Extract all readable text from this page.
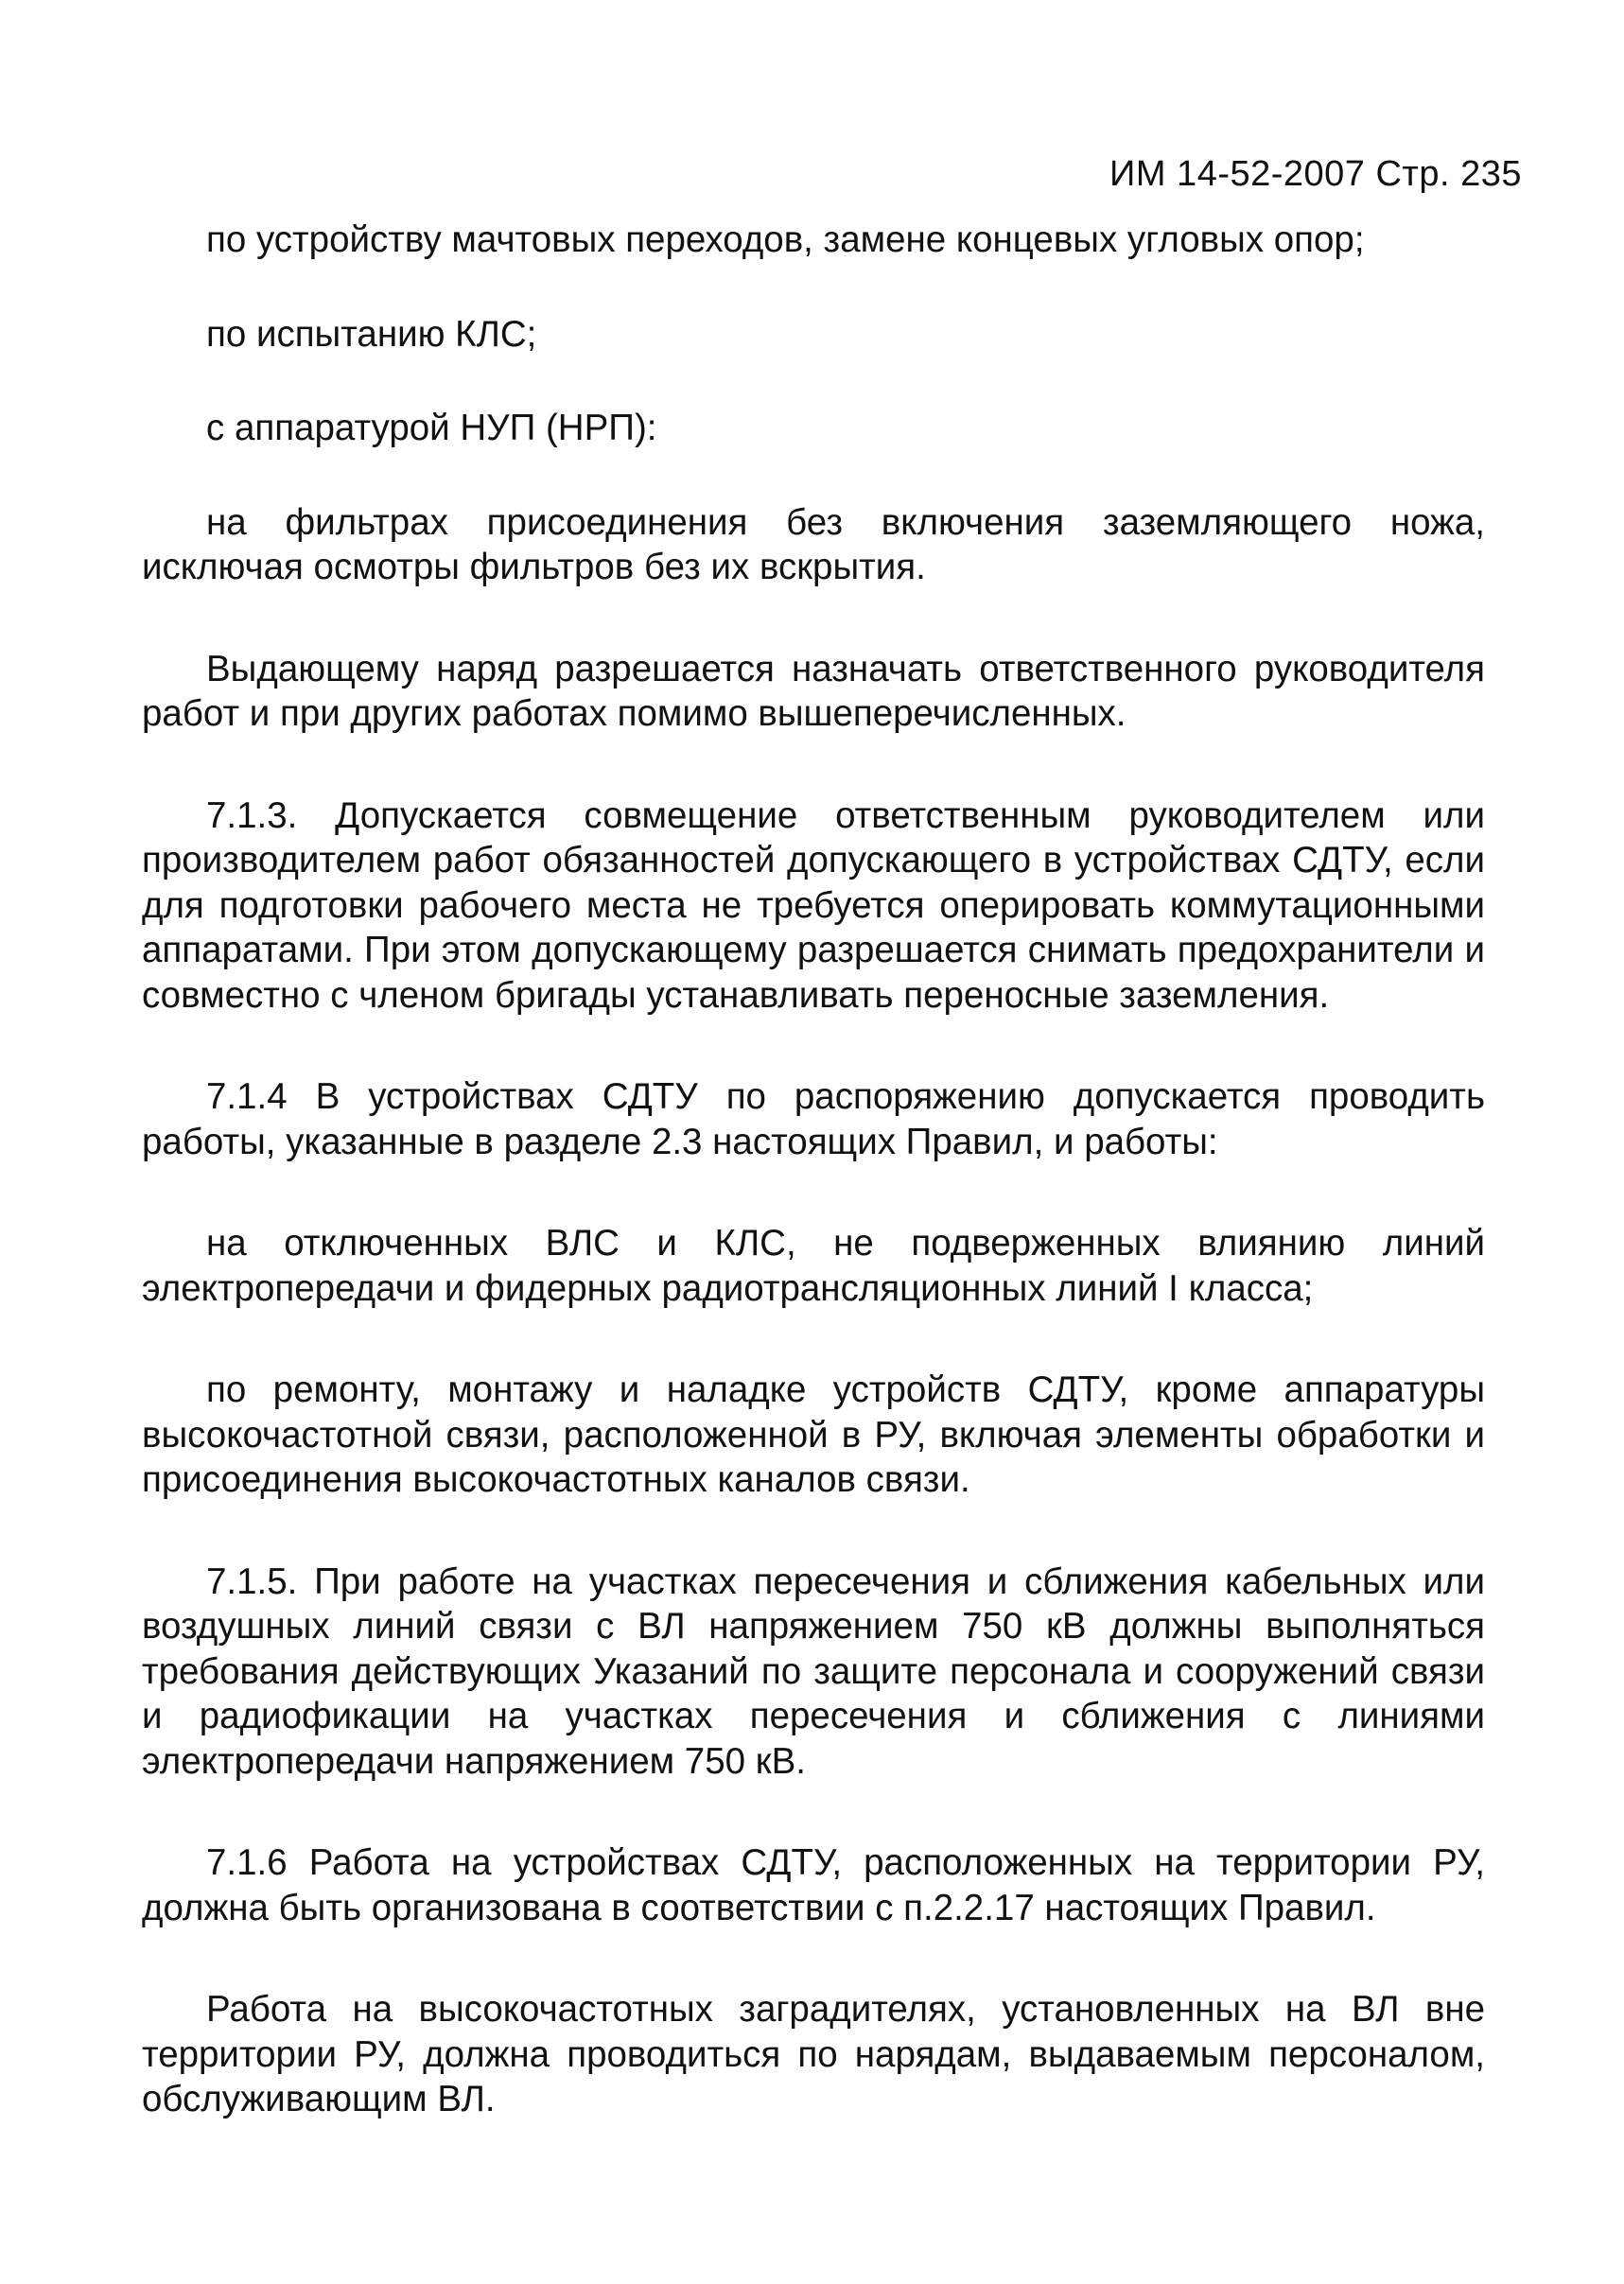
ИМ 14-52-2007 Стр. 235

по устройству мачтовых переходов, замене концевых угловых опор;

по испытанию КЛС;

с аппаратурой НУП (НРП):

на фильтрах присоединения без включения заземляющего ножа, исключая осмотры фильтров без их вскрытия.

Выдающему наряд разрешается назначать ответственного руководителя работ и при других работах помимо вышеперечисленных.

7.1.3. Допускается совмещение ответственным руководителем или производителем работ обязанностей допускающего в устройствах СДТУ, если для подготовки рабочего места не требуется оперировать коммутационными аппаратами. При этом допускающему разрешается снимать предохранители и совместно с членом бригады устанавливать переносные заземления.

7.1.4 В устройствах СДТУ по распоряжению допускается проводить работы, указанные в разделе 2.3 настоящих Правил, и работы:

на отключенных ВЛС и КЛС, не подверженных влиянию линий электропередачи и фидерных радиотрансляционных линий I класса;

по ремонту, монтажу и наладке устройств СДТУ, кроме аппаратуры высокочастотной связи, расположенной в РУ, включая элементы обработки и присоединения высокочастотных каналов связи.

7.1.5. При работе на участках пересечения и сближения кабельных или воздушных линий связи с ВЛ напряжением 750 кВ должны выполняться требования действующих Указаний по защите персонала и сооружений связи и радиофикации на участках пересечения и сближения с линиями электропередачи напряжением 750 кВ.

7.1.6 Работа на устройствах СДТУ, расположенных на территории РУ, должна быть организована в соответствии с п.2.2.17 настоящих Правил.

Работа на высокочастотных заградителях, установленных на ВЛ вне территории РУ, должна проводиться по нарядам, выдаваемым персоналом, обслуживающим ВЛ.
